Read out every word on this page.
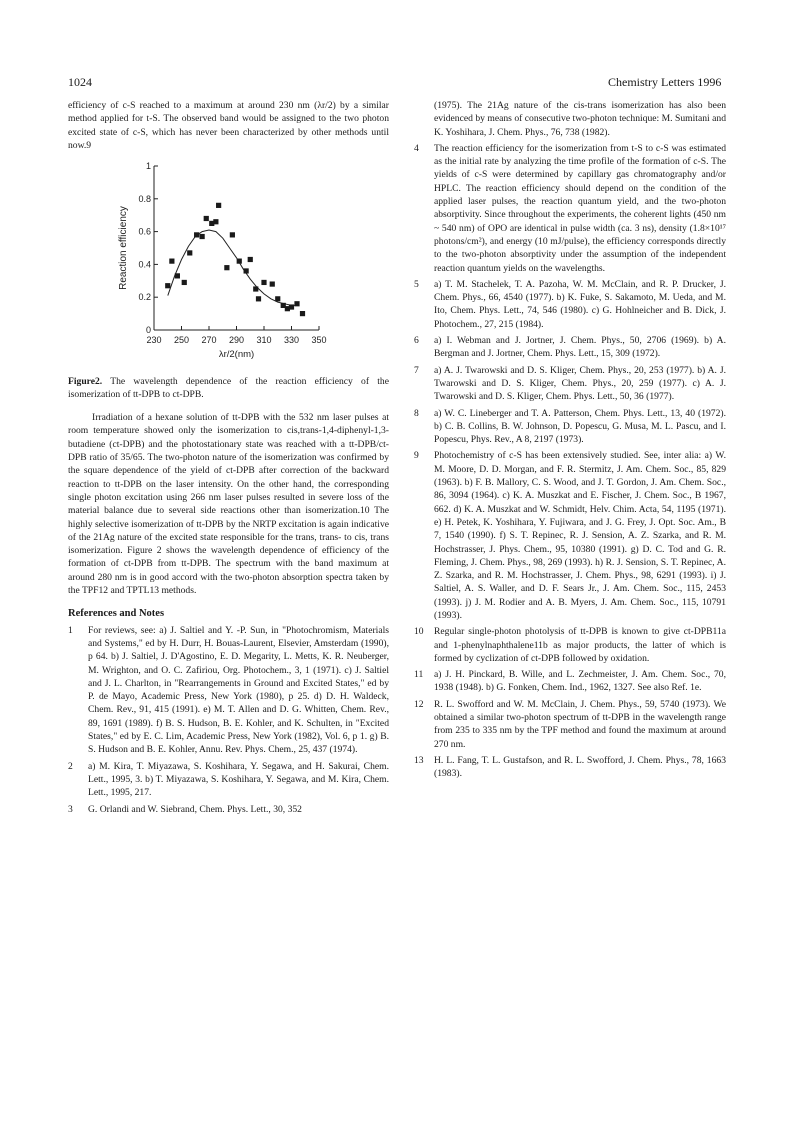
1024	Chemistry Letters 1996

efficiency of c-S reached to a maximum at around 230 nm (λr/2) by a similar method applied for t-S. The observed band would be assigned to the two photon excited state of c-S, which has never been characterized by other methods until now.9

0
0.2
0.4
0.6
0.8
1
230 250 270 290 310 330 350
λr/2(nm)
Reaction efficiency

Figure2. The wavelength dependence of the reaction efficiency of the isomerization of tt-DPB to ct-DPB.

Irradiation of a hexane solution of tt-DPB with the 532 nm laser pulses at room temperature showed only the isomerization to cis,trans-1,4-diphenyl-1,3-butadiene (ct-DPB) and the photostationary state was reached with a tt-DPB/ct-DPB ratio of 35/65. The two-photon nature of the isomerization was confirmed by the square dependence of the yield of ct-DPB after correction of the backward reaction to tt-DPB on the laser intensity. On the other hand, the corresponding single photon excitation using 266 nm laser pulses resulted in severe loss of the material balance due to several side reactions other than isomerization.10 The highly selective isomerization of tt-DPB by the NRTP excitation is again indicative of the 21Ag nature of the excited state responsible for the trans, trans- to cis, trans isomerization. Figure 2 shows the wavelength dependence of efficiency of the formation of ct-DPB from tt-DPB. The spectrum with the band maximum at around 280 nm is in good accord with the two-photon absorption spectra taken by the TPF12 and TPTL13 methods.

References and Notes
1	For reviews, see: a) J. Saltiel and Y. -P. Sun, in "Photochromism, Materials and Systems," ed by H. Durr, H. Bouas-Laurent, Elsevier, Amsterdam (1990), p 64. b) J. Saltiel, J. D'Agostino, E. D. Megarity, L. Metts, K. R. Neuberger, M. Wrighton, and O. C. Zafiriou, Org. Photochem., 3, 1 (1971). c) J. Saltiel and J. L. Charlton, in "Rearrangements in Ground and Excited States," ed by P. de Mayo, Academic Press, New York (1980), p 25. d) D. H. Waldeck, Chem. Rev., 91, 415 (1991). e) M. T. Allen and D. G. Whitten, Chem. Rev., 89, 1691 (1989). f) B. S. Hudson, B. E. Kohler, and K. Schulten, in "Excited States," ed by E. C. Lim, Academic Press, New York (1982), Vol. 6, p 1. g) B. S. Hudson and B. E. Kohler, Annu. Rev. Phys. Chem., 25, 437 (1974).
2	a) M. Kira, T. Miyazawa, S. Koshihara, Y. Segawa, and H. Sakurai, Chem. Lett., 1995, 3. b) T. Miyazawa, S. Koshihara, Y. Segawa, and M. Kira, Chem. Lett., 1995, 217.
3	G. Orlandi and W. Siebrand, Chem. Phys. Lett., 30, 352
(1975). The 21Ag nature of the cis-trans isomerization has also been evidenced by means of consecutive two-photon technique: M. Sumitani and K. Yoshihara, J. Chem. Phys., 76, 738 (1982).
4	The reaction efficiency for the isomerization from t-S to c-S was estimated as the initial rate by analyzing the time profile of the formation of c-S. The yields of c-S were determined by capillary gas chromatography and/or HPLC. The reaction efficiency should depend on the condition of the applied laser pulses, the reaction quantum yield, and the two-photon absorptivity. Since throughout the experiments, the coherent lights (450 nm ~ 540 nm) of OPO are identical in pulse width (ca. 3 ns), density (1.8×10¹⁷ photons/cm²), and energy (10 mJ/pulse), the efficiency corresponds directly to the two-photon absorptivity under the assumption of the independent reaction quantum yields on the wavelengths.
5	a) T. M. Stachelek, T. A. Pazoha, W. M. McClain, and R. P. Drucker, J. Chem. Phys., 66, 4540 (1977). b) K. Fuke, S. Sakamoto, M. Ueda, and M. Ito, Chem. Phys. Lett., 74, 546 (1980). c) G. Hohlneicher and B. Dick, J. Photochem., 27, 215 (1984).
6	a) I. Webman and J. Jortner, J. Chem. Phys., 50, 2706 (1969). b) A. Bergman and J. Jortner, Chem. Phys. Lett., 15, 309 (1972).
7	a) A. J. Twarowski and D. S. Kliger, Chem. Phys., 20, 253 (1977). b) A. J. Twarowski and D. S. Kliger, Chem. Phys., 20, 259 (1977). c) A. J. Twarowski and D. S. Kliger, Chem. Phys. Lett., 50, 36 (1977).
8	a) W. C. Lineberger and T. A. Patterson, Chem. Phys. Lett., 13, 40 (1972). b) C. B. Collins, B. W. Johnson, D. Popescu, G. Musa, M. L. Pascu, and I. Popescu, Phys. Rev., A 8, 2197 (1973).
9	Photochemistry of c-S has been extensively studied. See, inter alia: a) W. M. Moore, D. D. Morgan, and F. R. Stermitz, J. Am. Chem. Soc., 85, 829 (1963). b) F. B. Mallory, C. S. Wood, and J. T. Gordon, J. Am. Chem. Soc., 86, 3094 (1964). c) K. A. Muszkat and E. Fischer, J. Chem. Soc., B 1967, 662. d) K. A. Muszkat and W. Schmidt, Helv. Chim. Acta, 54, 1195 (1971). e) H. Petek, K. Yoshihara, Y. Fujiwara, and J. G. Frey, J. Opt. Soc. Am., B 7, 1540 (1990). f) S. T. Repinec, R. J. Sension, A. Z. Szarka, and R. M. Hochstrasser, J. Phys. Chem., 95, 10380 (1991). g) D. C. Tod and G. R. Fleming, J. Chem. Phys., 98, 269 (1993). h) R. J. Sension, S. T. Repinec, A. Z. Szarka, and R. M. Hochstrasser, J. Chem. Phys., 98, 6291 (1993). i) J. Saltiel, A. S. Waller, and D. F. Sears Jr., J. Am. Chem. Soc., 115, 2453 (1993). j) J. M. Rodier and A. B. Myers, J. Am. Chem. Soc., 115, 10791 (1993).
10	Regular single-photon photolysis of tt-DPB is known to give ct-DPB11a and 1-phenylnaphthalene11b as major products, the latter of which is formed by cyclization of ct-DPB followed by oxidation.
11	a) J. H. Pinckard, B. Wille, and L. Zechmeister, J. Am. Chem. Soc., 70, 1938 (1948). b) G. Fonken, Chem. Ind., 1962, 1327. See also Ref. 1e.
12	R. L. Swofford and W. M. McClain, J. Chem. Phys., 59, 5740 (1973). We obtained a similar two-photon spectrum of tt-DPB in the wavelength range from 235 to 335 nm by the TPF method and found the maximum at around 270 nm.
13	H. L. Fang, T. L. Gustafson, and R. L. Swofford, J. Chem. Phys., 78, 1663 (1983).
